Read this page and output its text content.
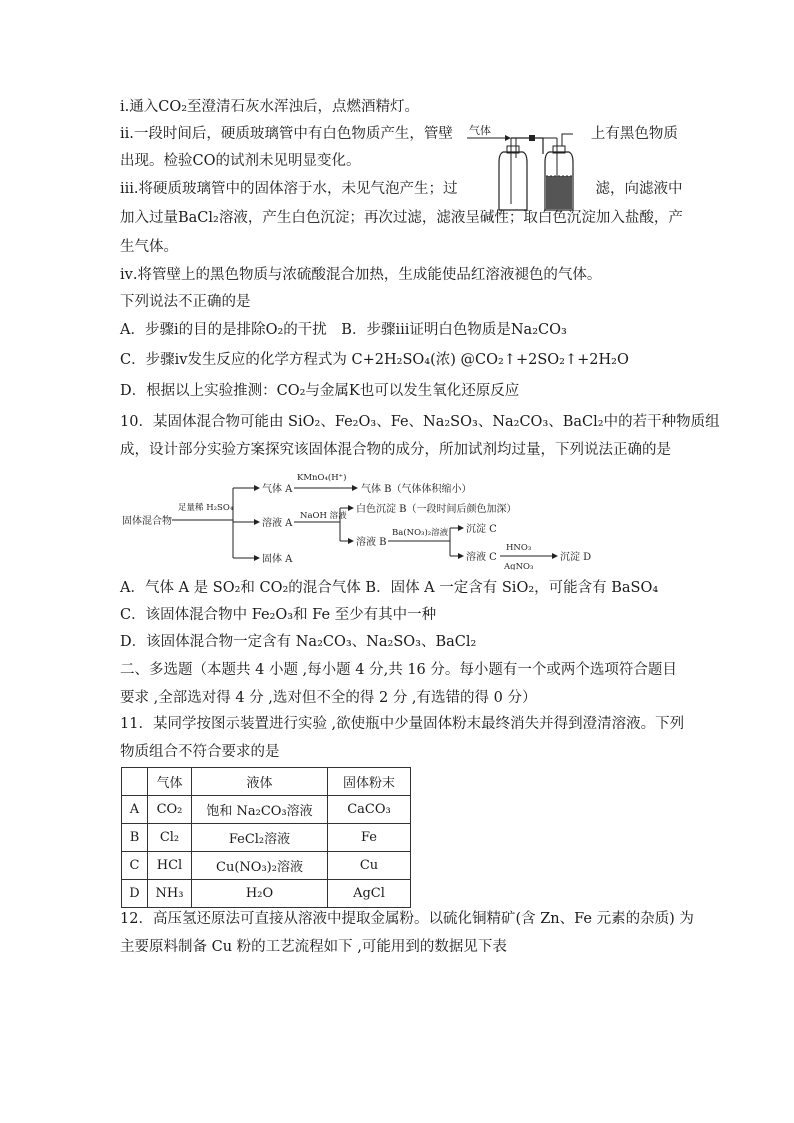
ⅰ.通入CO₂至澄清石灰水浑浊后，点燃酒精灯。
ⅱ.一段时间后，硬质玻璃管中有白色物质产生，管壁	上有黑色物质
出现。检验CO的试剂未见明显变化。
ⅲ.将硬质玻璃管中的固体溶于水，未见气泡产生；过	滤，向滤液中
加入过量BaCl₂溶液，产生白色沉淀；再次过滤，滤液呈碱性；取白色沉淀加入盐酸，产
生气体。
ⅳ.将管壁上的黑色物质与浓硫酸混合加热，生成能使品红溶液褪色的气体。
下列说法不正确的是
A．步骤ⅰ的目的是排除O₂的干扰　B．步骤ⅲ证明白色物质是Na₂CO₃
C．步骤ⅳ发生反应的化学方程式为 C+2H₂SO₄(浓) @CO₂↑+2SO₂↑+2H₂O
D．根据以上实验推测：CO₂与金属K也可以发生氧化还原反应
气体
10．某固体混合物可能由 SiO₂、Fe₂O₃、Fe、Na₂SO₃、Na₂CO₃、BaCl₂中的若干种物质组
成，设计部分实验方案探究该固体混合物的成分，所加试剂均过量，下列说法正确的是
固体混合物
足量稀 H₂SO₄
气体 A
KMnO₄(H⁺)
气体 B（气体体积缩小）
溶液 A
NaOH 溶液
白色沉淀 B（一段时间后颜色加深）
溶液 B
Ba(NO₃)₂溶液 沉淀 C
溶液 C
HNO₃
AgNO₃
沉淀 D
固体 A
A．气体 A 是 SO₂和 CO₂的混合气体 B．固体 A 一定含有 SiO₂，可能含有 BaSO₄
C．该固体混合物中 Fe₂O₃和 Fe 至少有其中一种
D．该固体混合物一定含有 Na₂CO₃、Na₂SO₃、BaCl₂
二、多选题（本题共 4 小题 ,每小题 4 分,共 16 分。每小题有一个或两个选项符合题目
要求 ,全部选对得 4 分 ,选对但不全的得 2 分 ,有选错的得 0 分）
11．某同学按图示装置进行实验 ,欲使瓶中少量固体粉末最终消失并得到澄清溶液。下列
物质组合不符合要求的是
	气体	液体	固体粉末
A	CO₂	饱和 Na₂CO₃溶液	CaCO₃
B	Cl₂	FeCl₂溶液	Fe
C	HCl	Cu(NO₃)₂溶液	Cu
D	NH₃	H₂O	AgCl
12．高压氢还原法可直接从溶液中提取金属粉。以硫化铜精矿(含 Zn、Fe 元素的杂质) 为
主要原料制备 Cu 粉的工艺流程如下 ,可能用到的数据见下表
